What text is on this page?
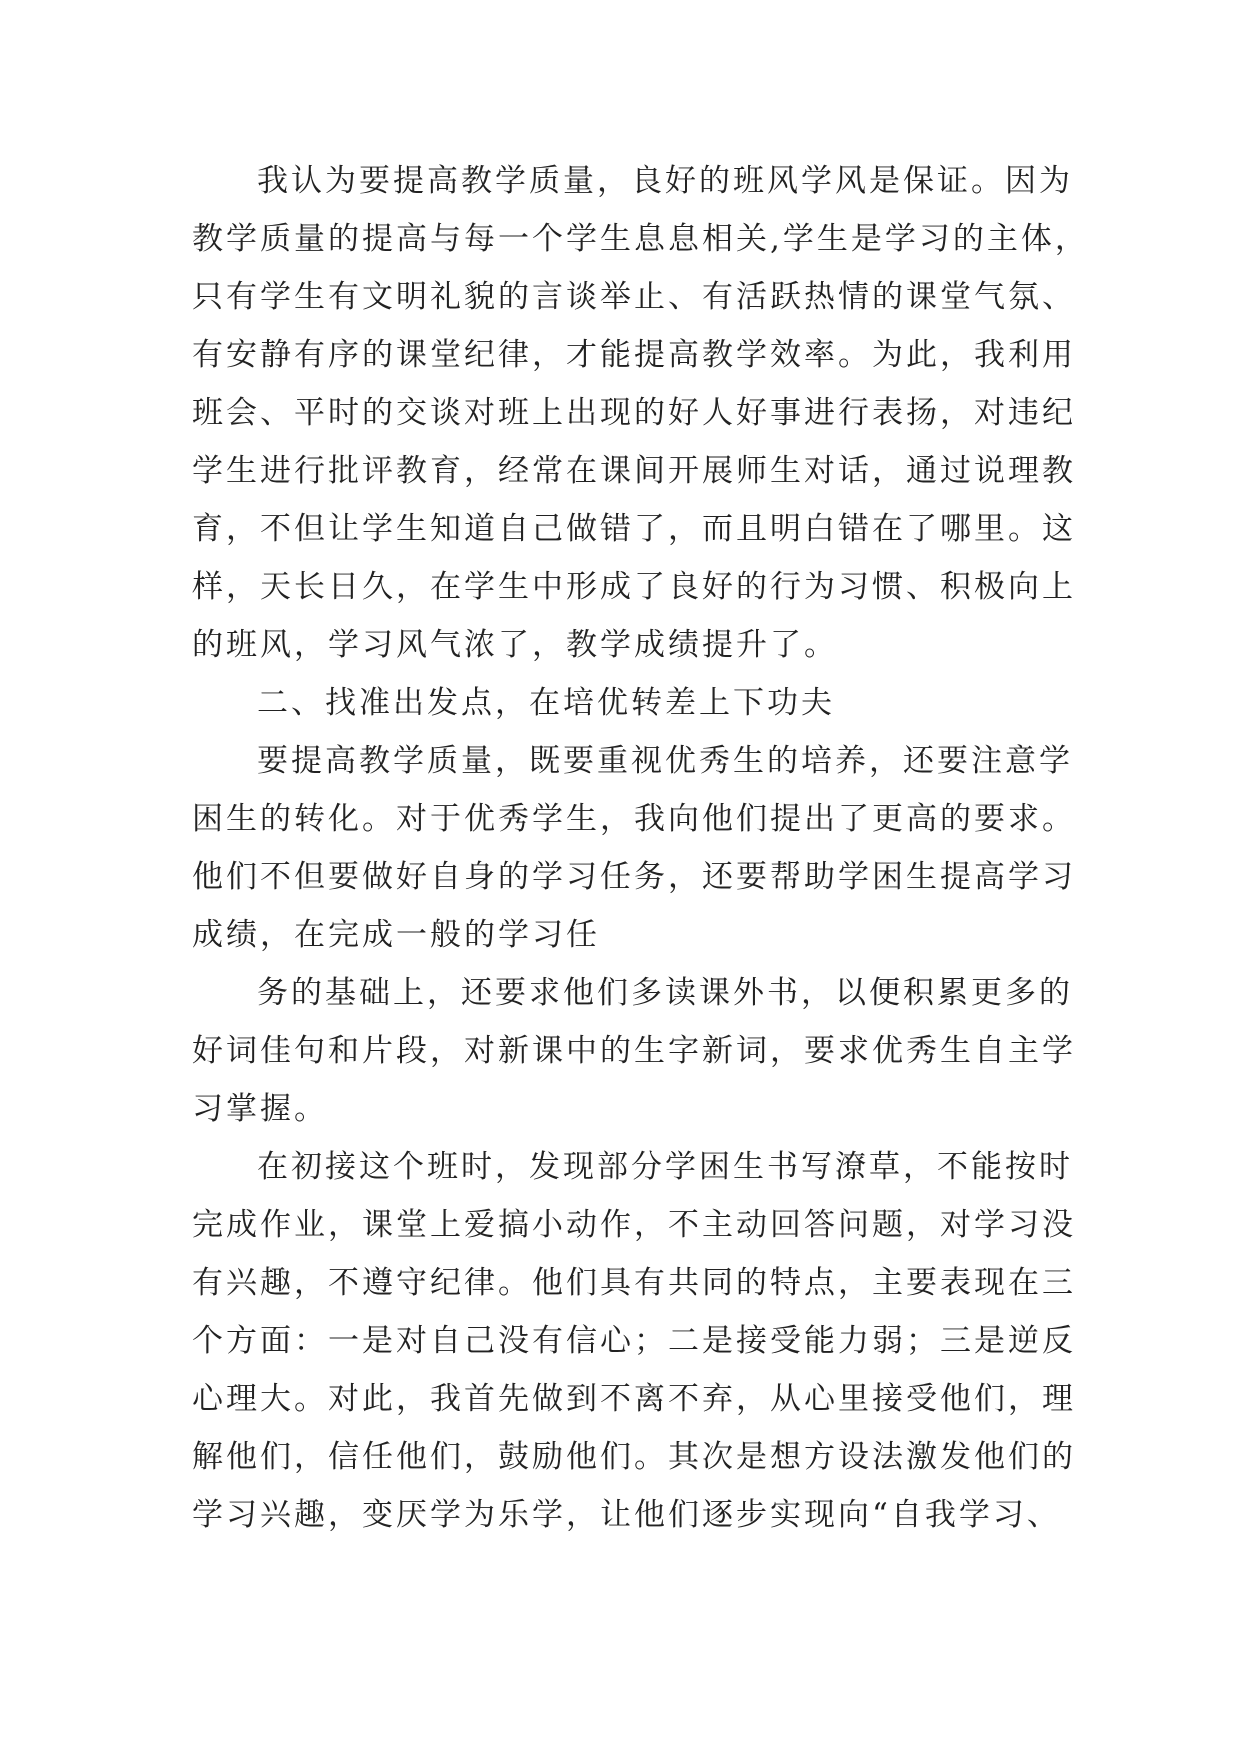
我认为要提高教学质量，良好的班风学风是保证。因为
教学质量的提高与每一个学生息息相关,学生是学习的主体，
只有学生有文明礼貌的言谈举止、有活跃热情的课堂气氛、
有安静有序的课堂纪律，才能提高教学效率。为此，我利用
班会、平时的交谈对班上出现的好人好事进行表扬，对违纪
学生进行批评教育，经常在课间开展师生对话，通过说理教
育，不但让学生知道自己做错了，而且明白错在了哪里。这
样，天长日久，在学生中形成了良好的行为习惯、积极向上
的班风，学习风气浓了，教学成绩提升了。
二、找准出发点，在培优转差上下功夫
要提高教学质量，既要重视优秀生的培养，还要注意学
困生的转化。对于优秀学生，我向他们提出了更高的要求。
他们不但要做好自身的学习任务，还要帮助学困生提高学习
成绩，在完成一般的学习任
务的基础上，还要求他们多读课外书，以便积累更多的
好词佳句和片段，对新课中的生字新词，要求优秀生自主学
习掌握。
在初接这个班时，发现部分学困生书写潦草，不能按时
完成作业，课堂上爱搞小动作，不主动回答问题，对学习没
有兴趣，不遵守纪律。他们具有共同的特点，主要表现在三
个方面：一是对自己没有信心；二是接受能力弱；三是逆反
心理大。对此，我首先做到不离不弃，从心里接受他们，理
解他们，信任他们，鼓励他们。其次是想方设法激发他们的
学习兴趣，变厌学为乐学，让他们逐步实现向“自我学习、
